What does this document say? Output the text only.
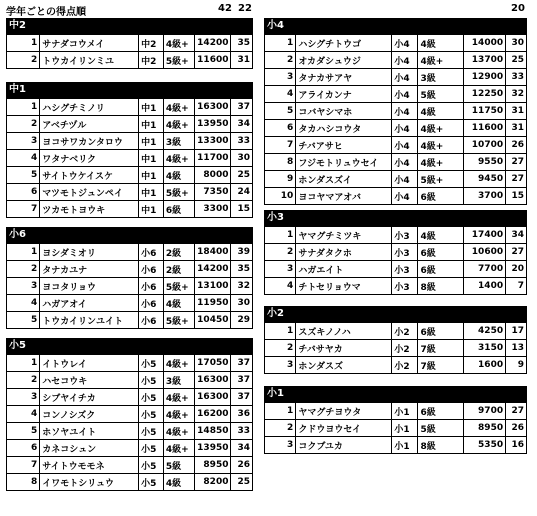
学年ごとの得点順	42 22	20
中2
1	サナダコウメイ	中2	4級+	14200	35
2	トウカイリンミユ	中2	5級+	11600	31
中1
1	ハシグチミノリ	中1	4級+	16300	37
2	アベチヅル	中1	4級+	13950	34
3	ヨコサワカンタロウ	中1	3級	13300	33
4	ワタナベリク	中1	4級+	11700	30
5	サイトウケイスケ	中1	4級	8000	25
6	マツモトジュンペイ	中1	5級+	7350	24
7	ツカモトヨウキ	中1	6級	3300	15
小6
1	ヨシダミオリ	小6	2級	18400	39
2	タナカユナ	小6	2級	14200	35
3	ヨコタリョウ	小6	5級+	13100	32
4	ハガアオイ	小6	4級	11950	30
5	トウカイリンユイト	小6	5級+	10450	29
小5
1	イトウレイ	小5	4級+	17050	37
2	ハセコウキ	小5	3級	16300	37
3	シブヤイチカ	小5	4級+	16300	37
4	コンノシズク	小5	4級+	16200	36
5	ホソヤユイト	小5	4級+	14850	33
6	カネコシュン	小5	4級+	13950	34
7	サイトウモモネ	小5	5級	8950	26
8	イワモトシリュウ	小5	4級	8200	25
小4
1	ハシグチトウゴ	小4	4級	14000	30
2	オカダシュウジ	小4	4級+	13700	25
3	タナカサアヤ	小4	3級	12900	33
4	アライカンナ	小4	5級	12250	32
5	コバヤシマホ	小4	4級	11750	31
6	タカハシコウタ	小4	4級+	11600	31
7	チバアサヒ	小4	4級+	10700	26
8	フジモトリュウセイ	小4	4級+	9550	27
9	ホンダスズイ	小4	5級+	9450	27
10	ヨコヤマアオバ	小4	6級	3700	15
小3
1	ヤマグチミツキ	小3	4級	17400	34
2	サナダタクホ	小3	6級	10600	27
3	ハガエイト	小3	6級	7700	20
4	チトセリョウマ	小3	8級	1400	7
小2
1	スズキノノハ	小2	6級	4250	17
2	チバサヤカ	小2	7級	3150	13
3	ホンダスズ	小2	7級	1600	9
小1
1	ヤマグチヨウタ	小1	6級	9700	27
2	クドウヨウセイ	小1	5級	8950	26
3	コクブユカ	小1	8級	5350	16
